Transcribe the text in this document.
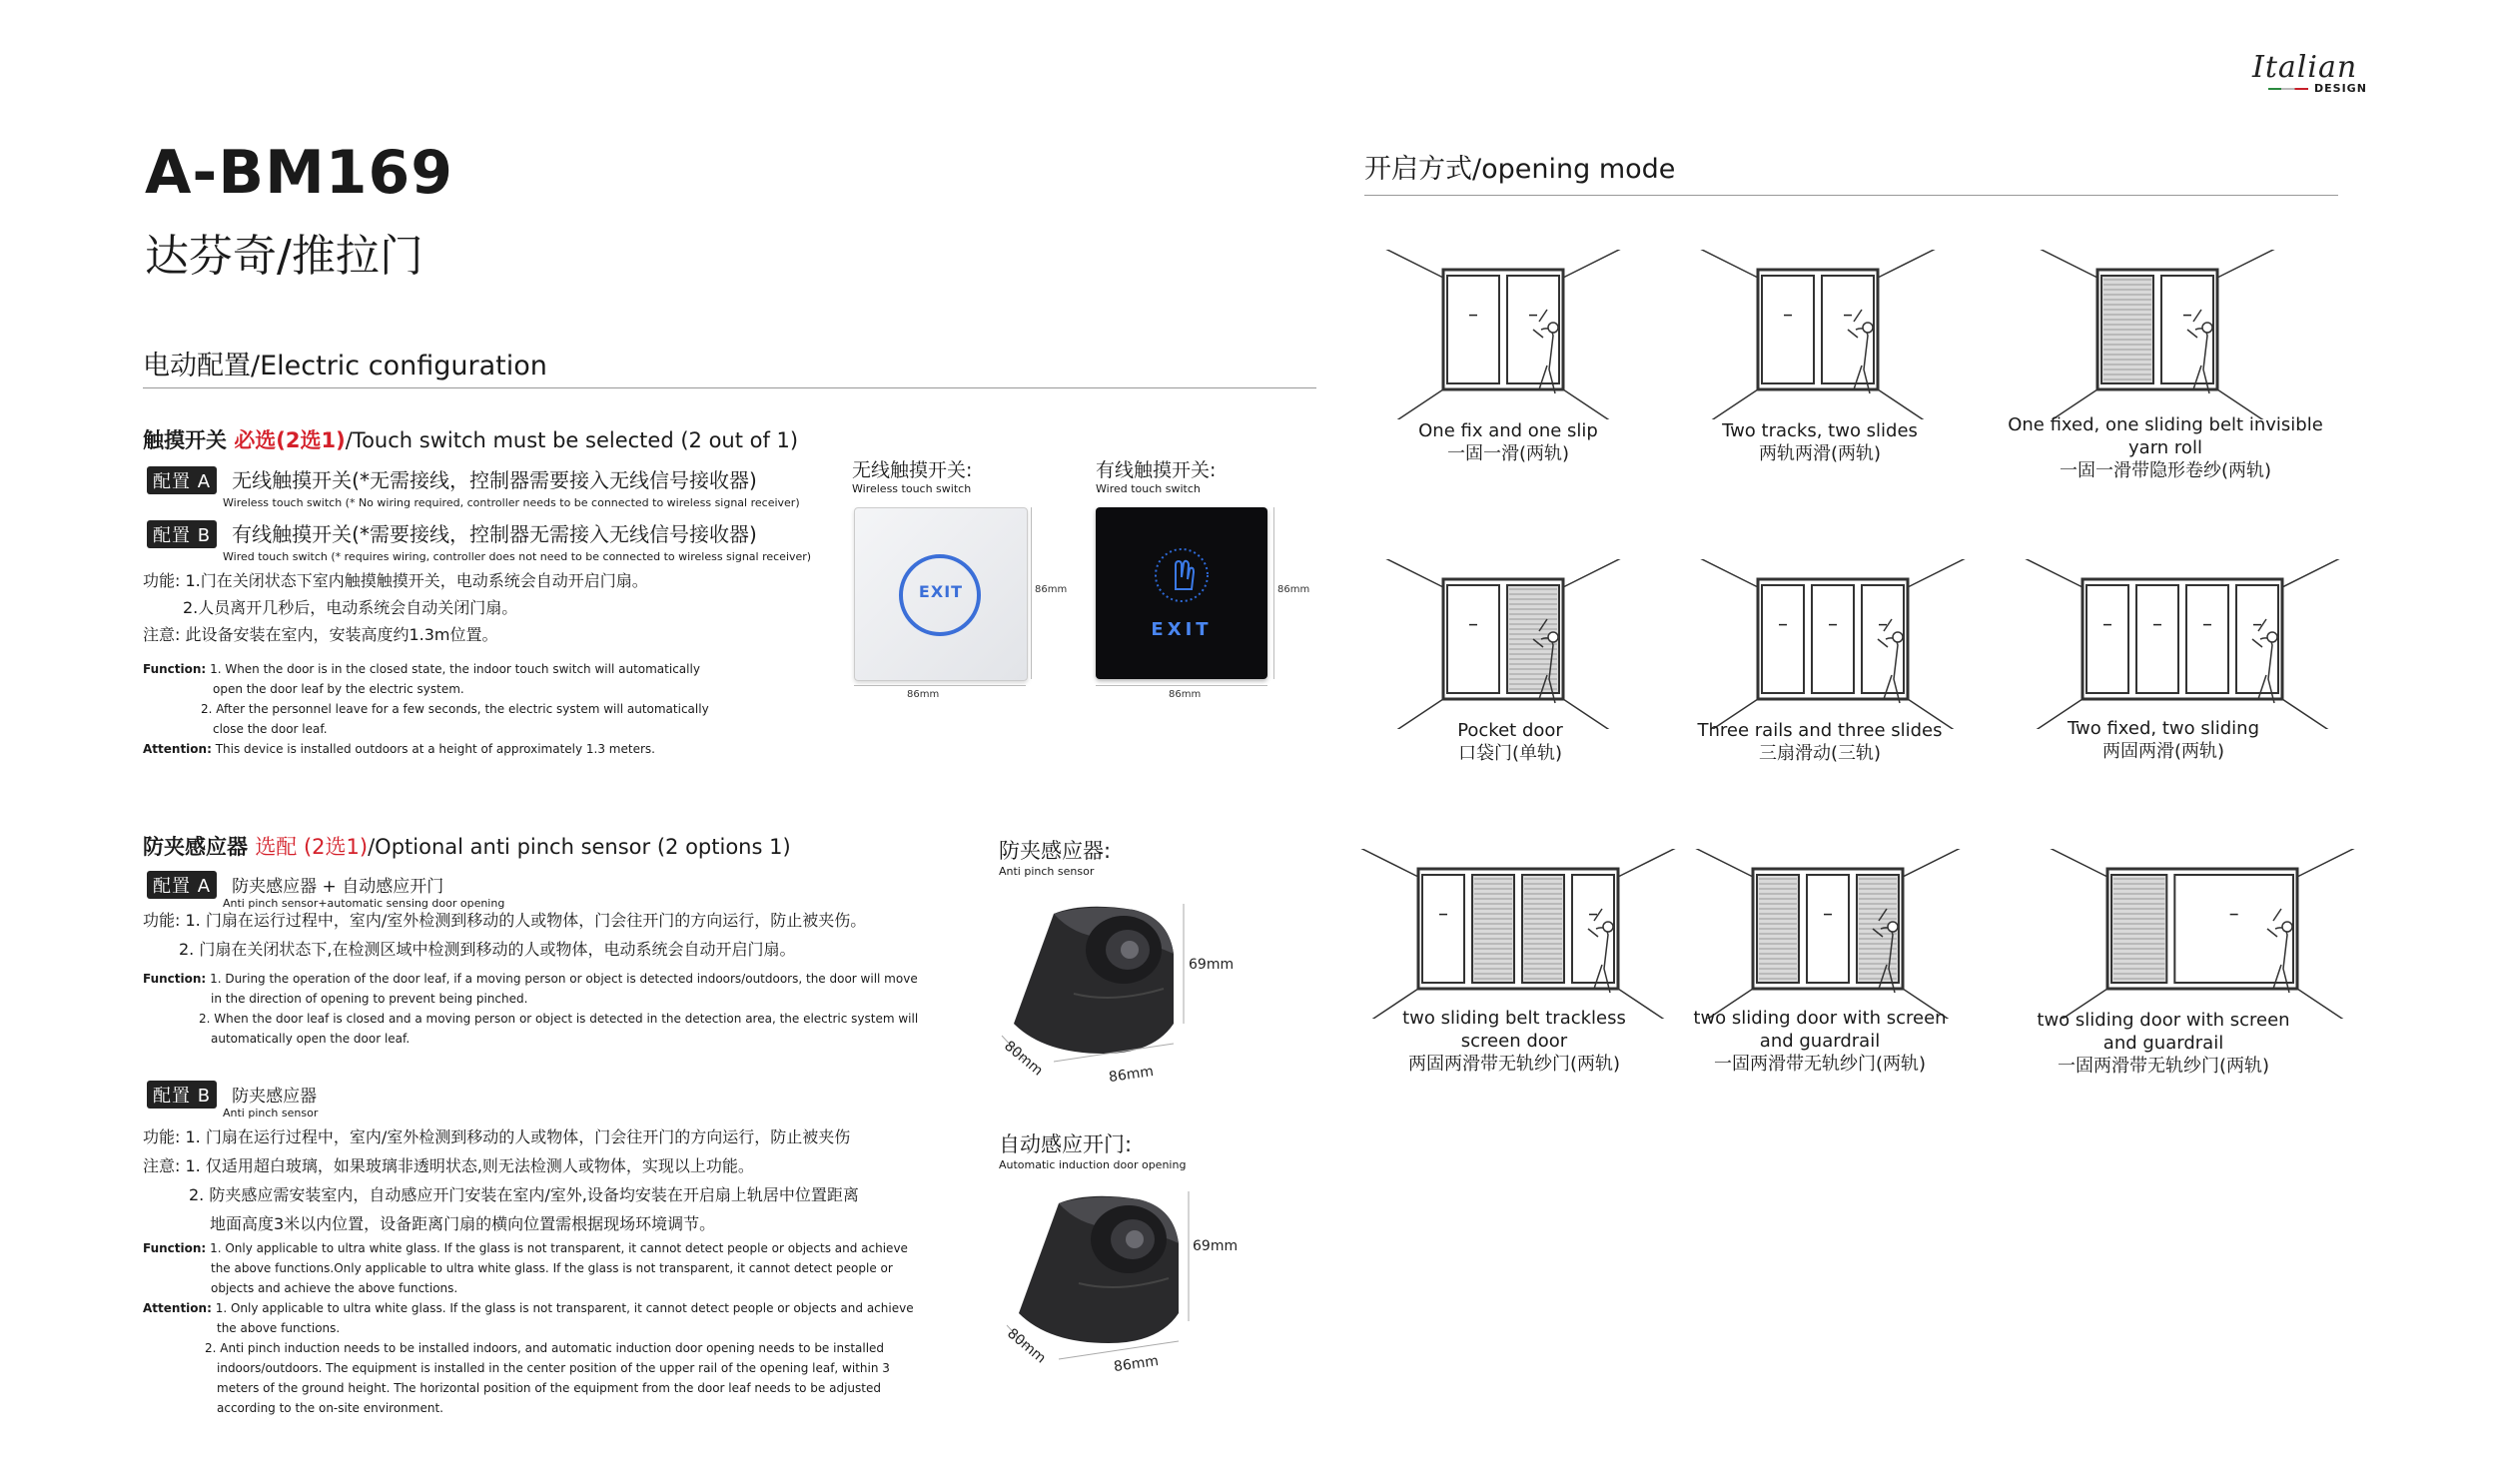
Italian
DESIGN
A-BM169
达芬奇/推拉门
电动配置/Electric configuration
触摸开关 必选(2选1)/Touch switch must be selected (2 out of 1)
配置 A 无线触摸开关(*无需接线，控制器需要接入无线信号接收器)
Wireless touch switch (* No wiring required, controller needs to be connected to wireless signal receiver)
配置 B 有线触摸开关(*需要接线，控制器无需接入无线信号接收器)
Wired touch switch (* requires wiring, controller does not need to be connected to wireless signal receiver)
功能: 1.门在关闭状态下室内触摸触摸开关，电动系统会自动开启门扇。
2.人员离开几秒后，电动系统会自动关闭门扇。
注意: 此设备安装在室内，安装高度约1.3m位置。
Function: 1. When the door is in the closed state, the indoor touch switch will automatically
open the door leaf by the electric system.
2. After the personnel leave for a few seconds, the electric system will automatically
close the door leaf.
Attention: This device is installed outdoors at a height of approximately 1.3 meters.
无线触摸开关:
Wireless touch switch
有线触摸开关:
Wired touch switch
EXIT	86mm
86mm
EXIT
86mm
86mm
防夹感应器 选配 (2选1)/Optional anti pinch sensor (2 options 1)
配置 A 防夹感应器 + 自动感应开门
Anti pinch sensor+automatic sensing door opening
功能: 1. 门扇在运行过程中，室内/室外检测到移动的人或物体，门会往开门的方向运行，防止被夹伤。
2. 门扇在关闭状态下,在检测区域中检测到移动的人或物体，电动系统会自动开启门扇。
Function: 1. During the operation of the door leaf, if a moving person or object is detected indoors/outdoors, the door will move
in the direction of opening to prevent being pinched.
2. When the door leaf is closed and a moving person or object is detected in the detection area, the electric system will
automatically open the door leaf.
配置 B 防夹感应器
Anti pinch sensor
功能: 1. 门扇在运行过程中，室内/室外检测到移动的人或物体，门会往开门的方向运行，防止被夹伤
注意: 1. 仅适用超白玻璃，如果玻璃非透明状态,则无法检测人或物体，实现以上功能。
2. 防夹感应需安装室内，自动感应开门安装在室内/室外,设备均安装在开启扇上轨居中位置距离
地面高度3米以内位置，设备距离门扇的横向位置需根据现场环境调节。
Function: 1. Only applicable to ultra white glass. If the glass is not transparent, it cannot detect people or objects and achieve
the above functions.Only applicable to ultra white glass. If the glass is not transparent, it cannot detect people or
objects and achieve the above functions.
Attention: 1. Only applicable to ultra white glass. If the glass is not transparent, it cannot detect people or objects and achieve
the above functions.
2. Anti pinch induction needs to be installed indoors, and automatic induction door opening needs to be installed
indoors/outdoors. The equipment is installed in the center position of the upper rail of the opening leaf, within 3
meters of the ground height. The horizontal position of the equipment from the door leaf needs to be adjusted
according to the on-site environment.
防夹感应器:
Anti pinch sensor
自动感应开门:
Automatic induction door opening
69mm
80mm	86mm
69mm
80mm	86mm
开启方式/opening mode
One fix and one slip
一固一滑(两轨)
Two tracks, two slides
两轨两滑(两轨)
One fixed, one sliding belt invisible yarn roll
一固一滑带隐形卷纱(两轨)
Pocket door
口袋门(单轨)
Three rails and three slides
三扇滑动(三轨)
Two fixed, two sliding
两固两滑(两轨)
two sliding belt trackless
screen door
两固两滑带无轨纱门(两轨)
two sliding door with screen
and guardrail
一固两滑带无轨纱门(两轨)
two sliding door with screen
and guardrail
一固两滑带无轨纱门(两轨)
